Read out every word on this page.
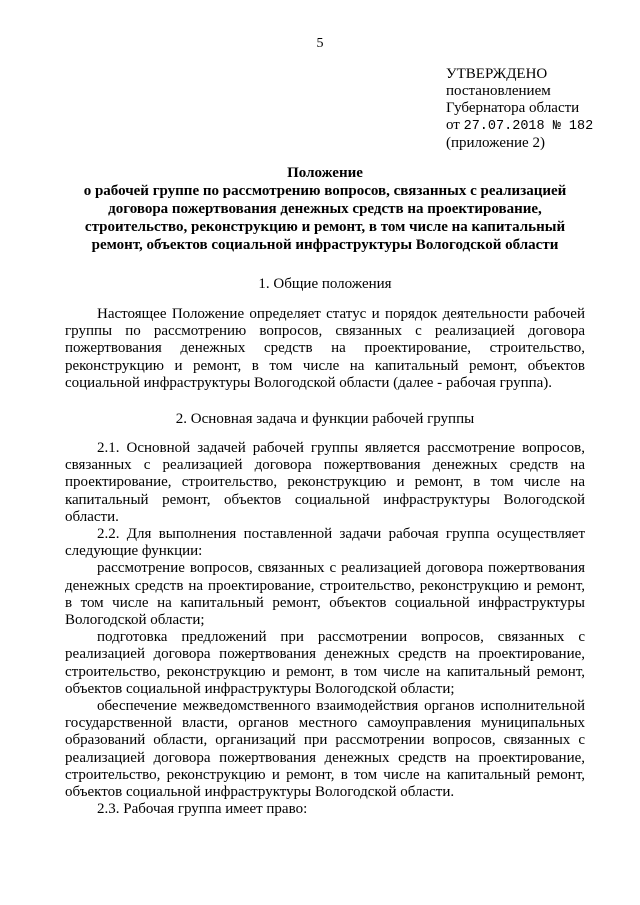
5
УТВЕРЖДЕНО
постановлением
Губернатора области
от 27.07.2018 № 182
(приложение 2)
Положение
о рабочей группе по рассмотрению вопросов, связанных с реализацией
договора пожертвования денежных средств на проектирование,
строительство, реконструкцию и ремонт, в том числе на капитальный
ремонт, объектов социальной инфраструктуры Вологодской области
1. Общие положения

Настоящее Положение определяет статус и порядок деятельности рабочей группы по рассмотрению вопросов, связанных с реализацией договора пожертвования денежных средств на проектирование, строительство, реконструкцию и ремонт, в том числе на капитальный ремонт, объектов социальной инфраструктуры Вологодской области (далее - рабочая группа).

2. Основная задача и функции рабочей группы

2.1. Основной задачей рабочей группы является рассмотрение вопросов, связанных с реализацией договора пожертвования денежных средств на проектирование, строительство, реконструкцию и ремонт, в том числе на капитальный ремонт, объектов социальной инфраструктуры Вологодской области.

2.2. Для выполнения поставленной задачи рабочая группа осуществляет следующие функции:

рассмотрение вопросов, связанных с реализацией договора пожертвования денежных средств на проектирование, строительство, реконструкцию и ремонт, в том числе на капитальный ремонт, объектов социальной инфраструктуры Вологодской области;

подготовка предложений при рассмотрении вопросов, связанных с реализацией договора пожертвования денежных средств на проектирование, строительство, реконструкцию и ремонт, в том числе на капитальный ремонт, объектов социальной инфраструктуры Вологодской области;

обеспечение межведомственного взаимодействия органов исполнительной государственной власти, органов местного самоуправления муниципальных образований области, организаций при рассмотрении вопросов, связанных с реализацией договора пожертвования денежных средств на проектирование, строительство, реконструкцию и ремонт, в том числе на капитальный ремонт, объектов социальной инфраструктуры Вологодской области.

2.3. Рабочая группа имеет право:
